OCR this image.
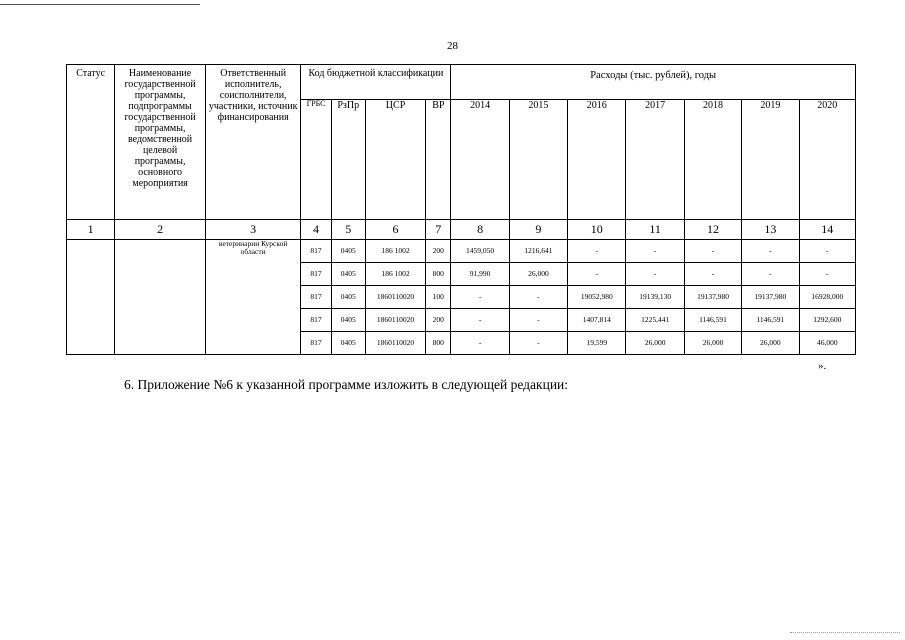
28
Статус	Наименование государственной программы, подпрограммы государственной программы, ведомственной целевой программы, основного мероприятия	Ответственный исполнитель, соисполнители, участники, источник финансирования	Код бюджетной классификации				Расходы (тыс. рублей), годы						
			ГРБС	РзПр	ЦСР	ВР	2014	2015	2016	2017	2018	2019	2020
1	2	3	4	5	6	7	8	9	10	11	12	13	14
		ветеринарии Курской области	817	0405	186 1002	200	1459,050	1216,641	-	-	-	-	-
			817	0405	186 1002	800	91,990	26,000	-	-	-	-	-
			817	0405	1860110020	100	-	-	19052,980	19139,130	19137,980	19137,980	16928,000
			817	0405	1860110020	200	-	-	1407,814	1225,441	1146,591	1146,591	1292,600
			817	0405	1860110020	800	-	-	19,599	26,000	26,000	26,000	46,000
».
6. Приложение №6 к указанной программе изложить в следующей редакции:
